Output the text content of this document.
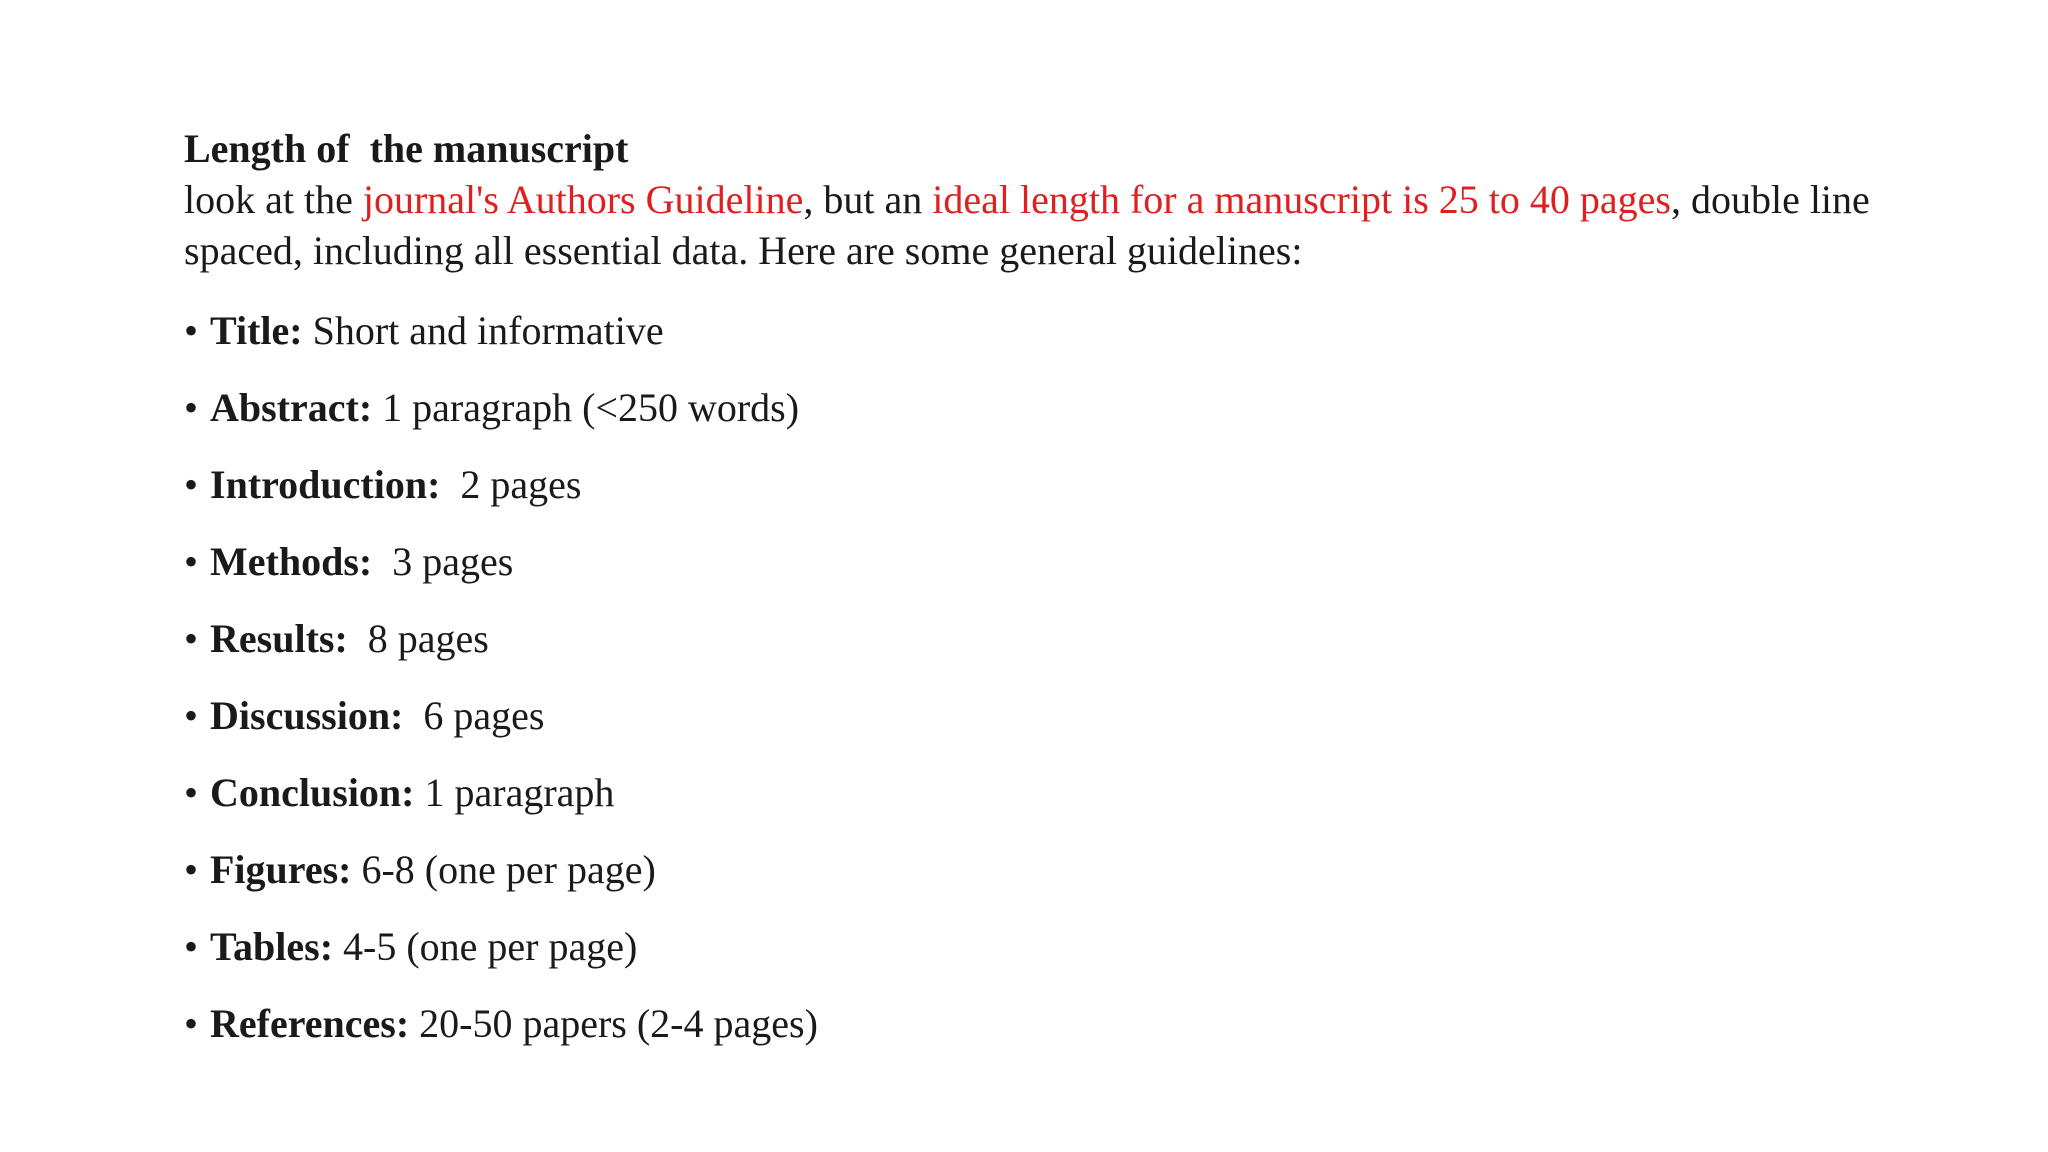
Length of  the manuscript

look at the journal's Authors Guideline, but an ideal length for a manuscript is 25 to 40 pages, double line spaced, including all essential data. Here are some general guidelines:

• Title: Short and informative
• Abstract: 1 paragraph (<250 words)
• Introduction:  2 pages
• Methods:  3 pages
• Results:  8 pages
• Discussion:  6 pages
• Conclusion: 1 paragraph
• Figures: 6-8 (one per page)
• Tables: 4-5 (one per page)
• References: 20-50 papers (2-4 pages)
